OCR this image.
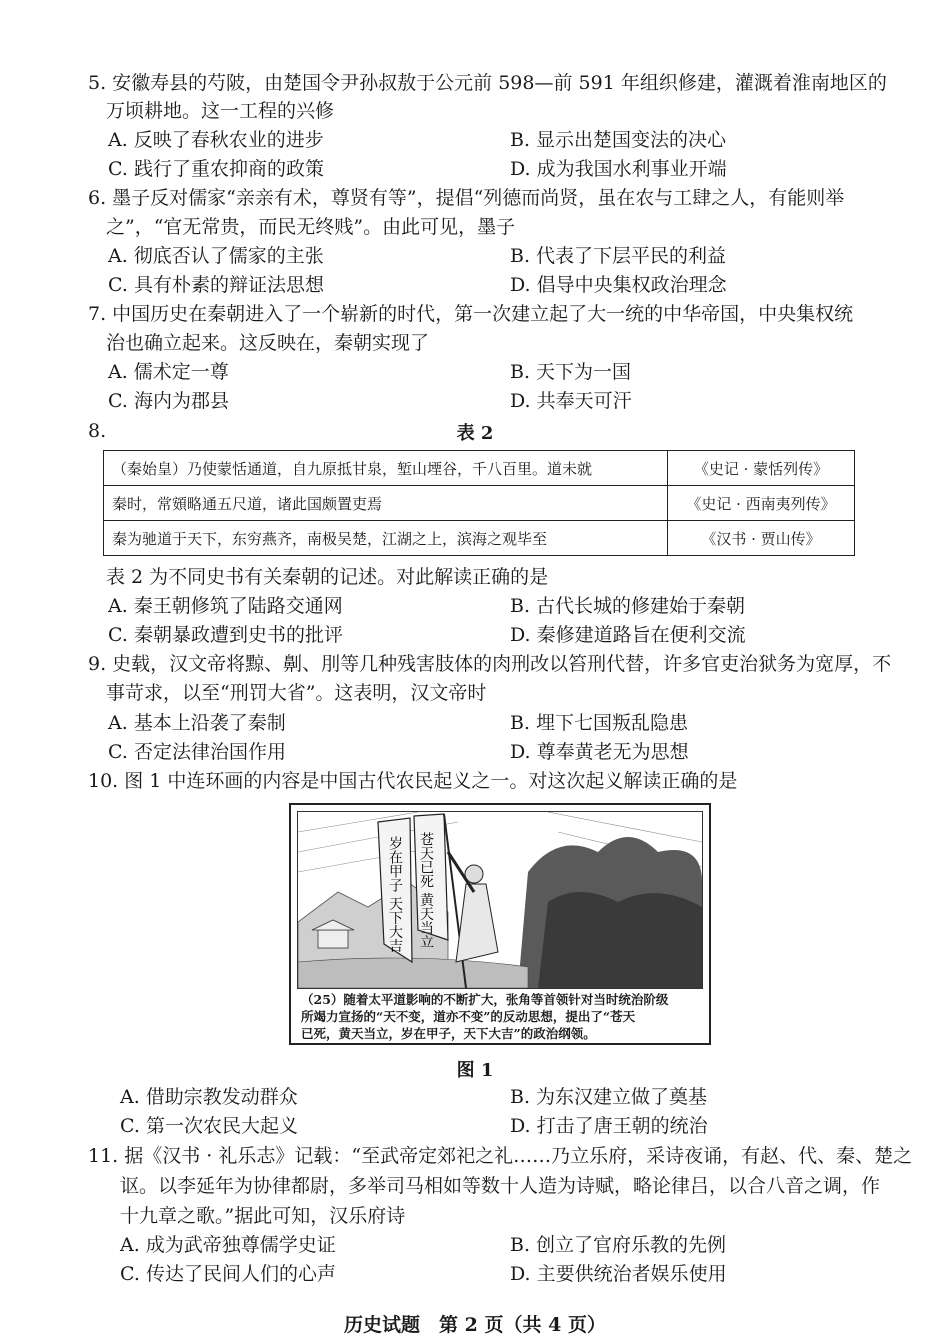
5. 安徽寿县的芍陂，由楚国令尹孙叔敖于公元前 598—前 591 年组织修建，灌溉着淮南地区的
万顷耕地。这一工程的兴修
A. 反映了春秋农业的进步	B. 显示出楚国变法的决心
C. 践行了重农抑商的政策	D. 成为我国水利事业开端
6. 墨子反对儒家“亲亲有术，尊贤有等”，提倡“列德而尚贤，虽在农与工肆之人，有能则举
之”，“官无常贵，而民无终贱”。由此可见，墨子
A. 彻底否认了儒家的主张	B. 代表了下层平民的利益
C. 具有朴素的辩证法思想	D. 倡导中央集权政治理念
7. 中国历史在秦朝进入了一个崭新的时代，第一次建立起了大一统的中华帝国，中央集权统
治也确立起来。这反映在，秦朝实现了
A. 儒术定一尊	B. 天下为一国
C. 海内为郡县	D. 共奉天可汗
8.	表 2
（秦始皇）乃使蒙恬通道，自九原抵甘泉，堑山堙谷，千八百里。道未就	《史记 · 蒙恬列传》
秦时，常頞略通五尺道，诸此国颇置吏焉	《史记 · 西南夷列传》
秦为驰道于天下，东穷燕齐，南极吴楚，江湖之上，滨海之观毕至	《汉书 · 贾山传》
表 2 为不同史书有关秦朝的记述。对此解读正确的是
A. 秦王朝修筑了陆路交通网	B. 古代长城的修建始于秦朝
C. 秦朝暴政遭到史书的批评	D. 秦修建道路旨在便利交流
9. 史载，汉文帝将黥、劓、刖等几种残害肢体的肉刑改以笞刑代替，许多官吏治狱务为宽厚，不
事苛求，以至“刑罚大省”。这表明，汉文帝时
A. 基本上沿袭了秦制	B. 埋下七国叛乱隐患
C. 否定法律治国作用	D. 尊奉黄老无为思想
10. 图 1 中连环画的内容是中国古代农民起义之一。对这次起义解读正确的是
苍天已死 黄天当立
岁在甲子 天下大吉
（25）随着太平道影响的不断扩大，张角等首领针对当时统治阶级
所竭力宣扬的“天不变，道亦不变”的反动思想，提出了“苍天
已死，黄天当立，岁在甲子，天下大吉”的政治纲领。
图 1
A. 借助宗教发动群众	B. 为东汉建立做了奠基
C. 第一次农民大起义	D. 打击了唐王朝的统治
11. 据《汉书 · 礼乐志》记载：“至武帝定郊祀之礼……乃立乐府，采诗夜诵，有赵、代、秦、楚之
讴。以李延年为协律都尉，多举司马相如等数十人造为诗赋，略论律吕，以合八音之调，作
十九章之歌。”据此可知，汉乐府诗
A. 成为武帝独尊儒学史证	B. 创立了官府乐教的先例
C. 传达了民间人们的心声	D. 主要供统治者娱乐使用
历史试题　第 2 页（共 4 页）
